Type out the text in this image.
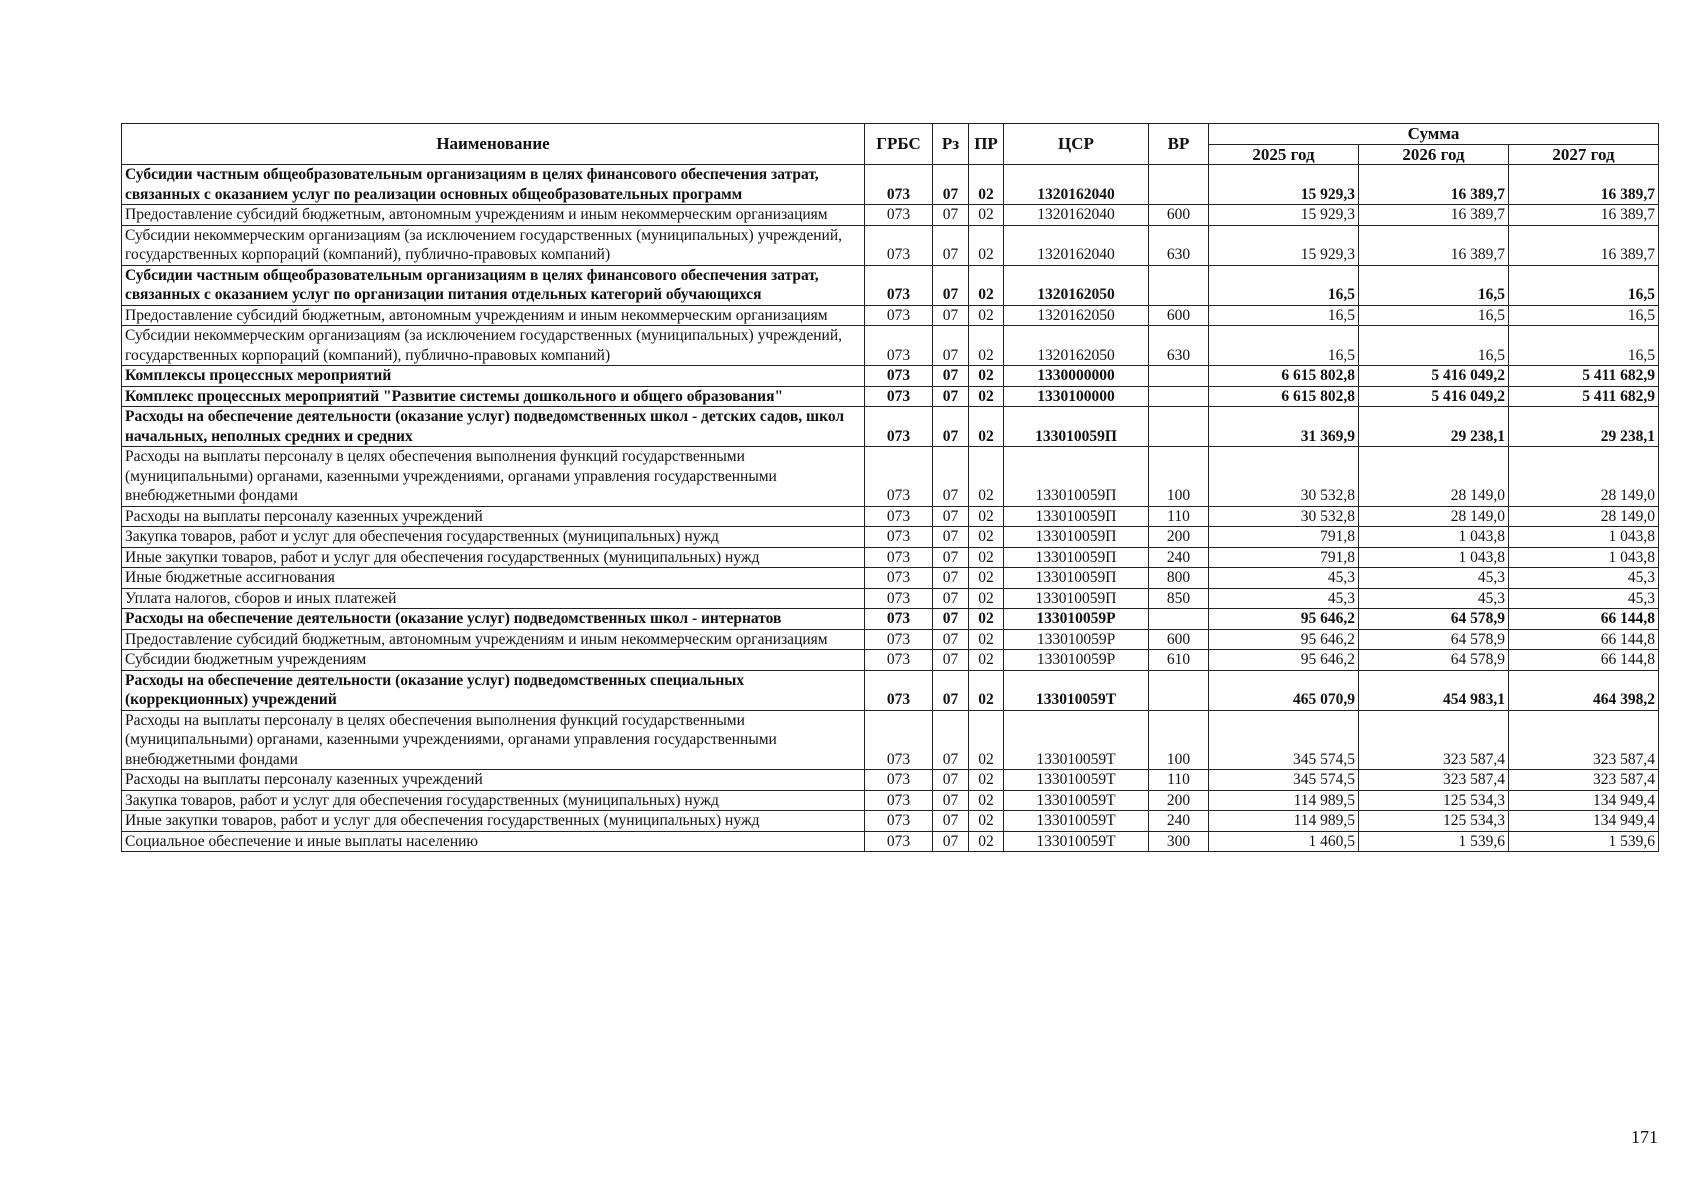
Наименование	ГРБС	Рз	ПР	ЦСР	ВР	Сумма		
						2025 год	2026 год	2027 год
Субсидии частным общеобразовательным организациям в целях финансового обеспечения затрат, связанных с оказанием услуг по реализации основных общеобразовательных программ	073	07	02	1320162040		15 929,3	16 389,7	16 389,7
Предоставление субсидий бюджетным, автономным учреждениям и иным некоммерческим организациям	073	07	02	1320162040	600	15 929,3	16 389,7	16 389,7
Субсидии некоммерческим организациям (за исключением государственных (муниципальных) учреждений, государственных корпораций (компаний), публично-правовых компаний)	073	07	02	1320162040	630	15 929,3	16 389,7	16 389,7
Субсидии частным общеобразовательным организациям в целях финансового обеспечения затрат, связанных с оказанием услуг по организации питания отдельных категорий обучающихся	073	07	02	1320162050		16,5	16,5	16,5
Предоставление субсидий бюджетным, автономным учреждениям и иным некоммерческим организациям	073	07	02	1320162050	600	16,5	16,5	16,5
Субсидии некоммерческим организациям (за исключением государственных (муниципальных) учреждений, государственных корпораций (компаний), публично-правовых компаний)	073	07	02	1320162050	630	16,5	16,5	16,5
Комплексы процессных мероприятий	073	07	02	1330000000		6 615 802,8	5 416 049,2	5 411 682,9
Комплекс процессных мероприятий "Развитие системы дошкольного и общего образования"	073	07	02	1330100000		6 615 802,8	5 416 049,2	5 411 682,9
Расходы на обеспечение деятельности (оказание услуг) подведомственных школ - детских садов, школ начальных, неполных средних и средних	073	07	02	133010059П		31 369,9	29 238,1	29 238,1
Расходы на выплаты персоналу в целях обеспечения выполнения функций государственными (муниципальными) органами, казенными учреждениями, органами управления государственными внебюджетными фондами	073	07	02	133010059П	100	30 532,8	28 149,0	28 149,0
Расходы на выплаты персоналу казенных учреждений	073	07	02	133010059П	110	30 532,8	28 149,0	28 149,0
Закупка товаров, работ и услуг для обеспечения государственных (муниципальных) нужд	073	07	02	133010059П	200	791,8	1 043,8	1 043,8
Иные закупки товаров, работ и услуг для обеспечения государственных (муниципальных) нужд	073	07	02	133010059П	240	791,8	1 043,8	1 043,8
Иные бюджетные ассигнования	073	07	02	133010059П	800	45,3	45,3	45,3
Уплата налогов, сборов и иных платежей	073	07	02	133010059П	850	45,3	45,3	45,3
Расходы на обеспечение деятельности (оказание услуг) подведомственных школ - интернатов	073	07	02	133010059Р		95 646,2	64 578,9	66 144,8
Предоставление субсидий бюджетным, автономным учреждениям и иным некоммерческим организациям	073	07	02	133010059Р	600	95 646,2	64 578,9	66 144,8
Субсидии бюджетным учреждениям	073	07	02	133010059Р	610	95 646,2	64 578,9	66 144,8
Расходы на обеспечение деятельности (оказание услуг) подведомственных специальных (коррекционных) учреждений	073	07	02	133010059Т		465 070,9	454 983,1	464 398,2
Расходы на выплаты персоналу в целях обеспечения выполнения функций государственными (муниципальными) органами, казенными учреждениями, органами управления государственными внебюджетными фондами	073	07	02	133010059Т	100	345 574,5	323 587,4	323 587,4
Расходы на выплаты персоналу казенных учреждений	073	07	02	133010059Т	110	345 574,5	323 587,4	323 587,4
Закупка товаров, работ и услуг для обеспечения государственных (муниципальных) нужд	073	07	02	133010059Т	200	114 989,5	125 534,3	134 949,4
Иные закупки товаров, работ и услуг для обеспечения государственных (муниципальных) нужд	073	07	02	133010059Т	240	114 989,5	125 534,3	134 949,4
Социальное обеспечение и иные выплаты населению	073	07	02	133010059Т	300	1 460,5	1 539,6	1 539,6
171
